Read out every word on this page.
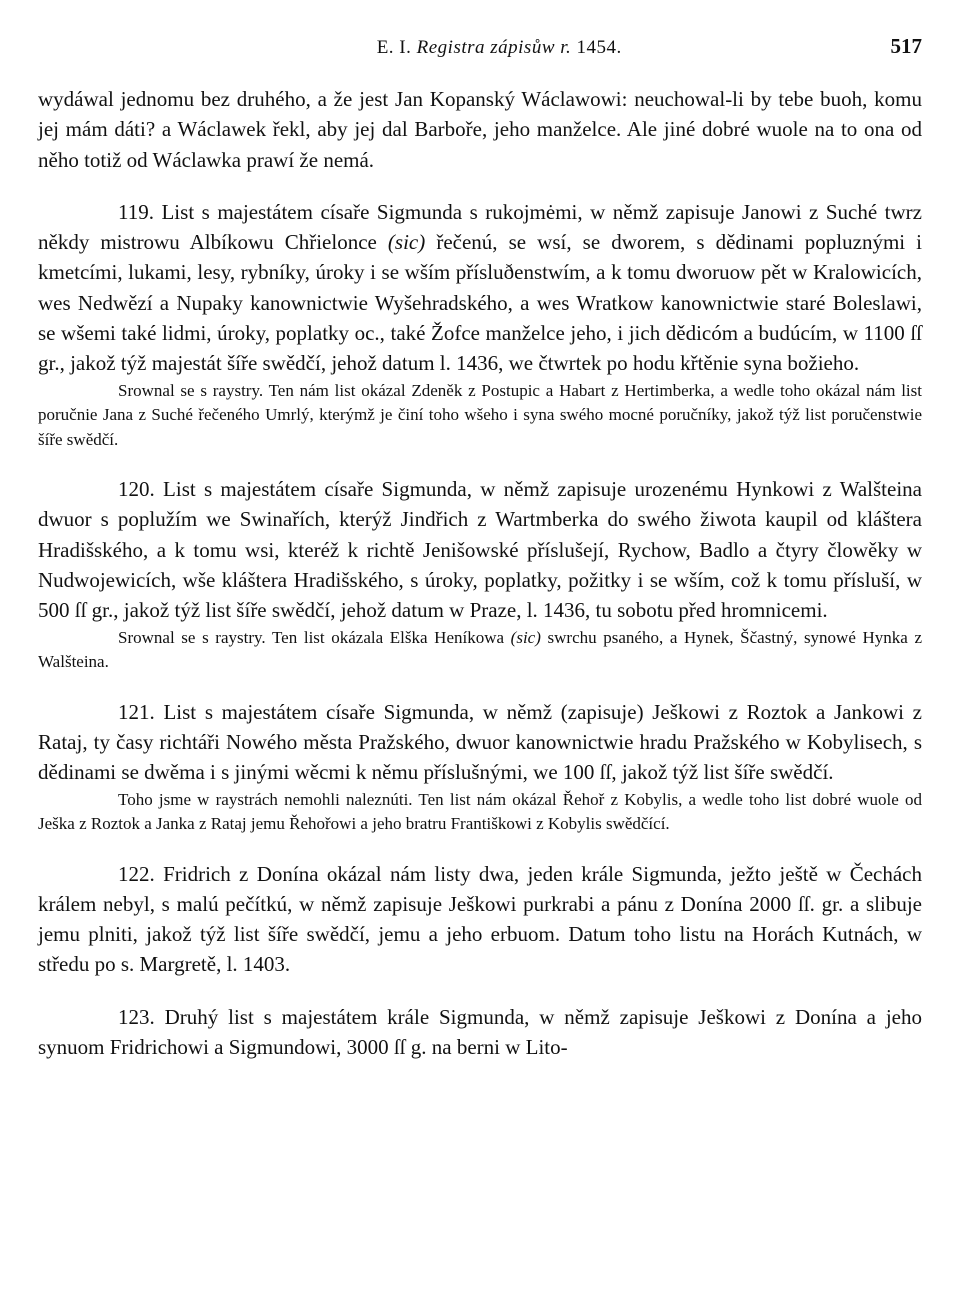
E. I. Registra zápisůw r. 1454.	517

wydáwal jednomu bez druhého, a že jest Jan Kopanský Wáclawowi: neuchowal-li by tebe buoh, komu jej mám dáti? a Wáclawek řekl, aby jej dal Barboře, jeho manželce. Ale jiné dobré wuole na to ona od něho totiž od Wáclawka prawí že nemá.

119. List s majestátem císaře Sigmunda s rukojmėmi, w němž zapisuje Janowi z Suché twrz někdy mistrowu Albíkowu Chřielonce (sic) řečenú, se wsí, se dworem, s dědinami popluznými i kmetcími, lukami, lesy, rybníky, úroky i se wším přísluðenstwím, a k tomu dworuow pět w Kralowicích, wes Nedwězí a Nupaky kanownictwie Wyšehradského, a wes Wratkow kanownictwie staré Boleslawi, se wšemi také lidmi, úroky, poplatky oc., také Žofce manželce jeho, i jich dědicóm a budúcím, w 1100 ſſ gr., jakož týž majestát šíře swědčí, jehož datum l. 1436, we čtwrtek po hodu křtěnie syna božieho.

Srownal se s raystry. Ten nám list okázal Zdeněk z Postupic a Habart z Hertimberka, a wedle toho okázal nám list poručnie Jana z Suché řečeného Umrlý, kterýmž je činí toho wšeho i syna swého mocné poručníky, jakož týž list poručenstwie šíře swědčí.

120. List s majestátem císaře Sigmunda, w němž zapisuje urozenému Hynkowi z Walšteina dwuor s poplužím we Swinařích, kterýž Jindřich z Wartmberka do swého žiwota kaupil od kláštera Hradišského, a k tomu wsi, kteréž k richtě Jenišowské příslušejí, Rychow, Badlo a čtyry člowěky w Nudwojewicích, wše kláštera Hradišského, s úroky, poplatky, požitky i se wším, což k tomu přísluší, w 500 ſſ gr., jakož týž list šíře swědčí, jehož datum w Praze, l. 1436, tu sobotu před hromnicemi.

Srownal se s raystry. Ten list okázala Elška Heníkowa (sic) swrchu psaného, a Hynek, Ščastný, synowé Hynka z Walšteina.

121. List s majestátem císaře Sigmunda, w němž (zapisuje) Ješkowi z Roztok a Jankowi z Rataj, ty časy richtáři Nowého města Pražského, dwuor kanownictwie hradu Pražského w Kobylisech, s dědinami se dwěma i s jinými wěcmi k němu příslušnými, we 100 ſſ, jakož týž list šíře swědčí.

Toho jsme w raystrách nemohli naleznúti. Ten list nám okázal Řehoř z Kobylis, a wedle toho list dobré wuole od Ješka z Roztok a Janka z Rataj jemu Řehořowi a jeho bratru Františkowi z Kobylis swědčící.

122. Fridrich z Donína okázal nám listy dwa, jeden krále Sigmunda, ježto ještě w Čechách králem nebyl, s malú pečítkú, w němž zapisuje Ješkowi purkrabi a pánu z Donína 2000 ſſ. gr. a slibuje jemu plniti, jakož týž list šíře swědčí, jemu a jeho erbuom. Datum toho listu na Horách Kutnách, w středu po s. Margretě, l. 1403.

123. Druhý list s majestátem krále Sigmunda, w němž zapisuje Ješkowi z Donína a jeho synuom Fridrichowi a Sigmundowi, 3000 ſſ g. na berni w Lito-
